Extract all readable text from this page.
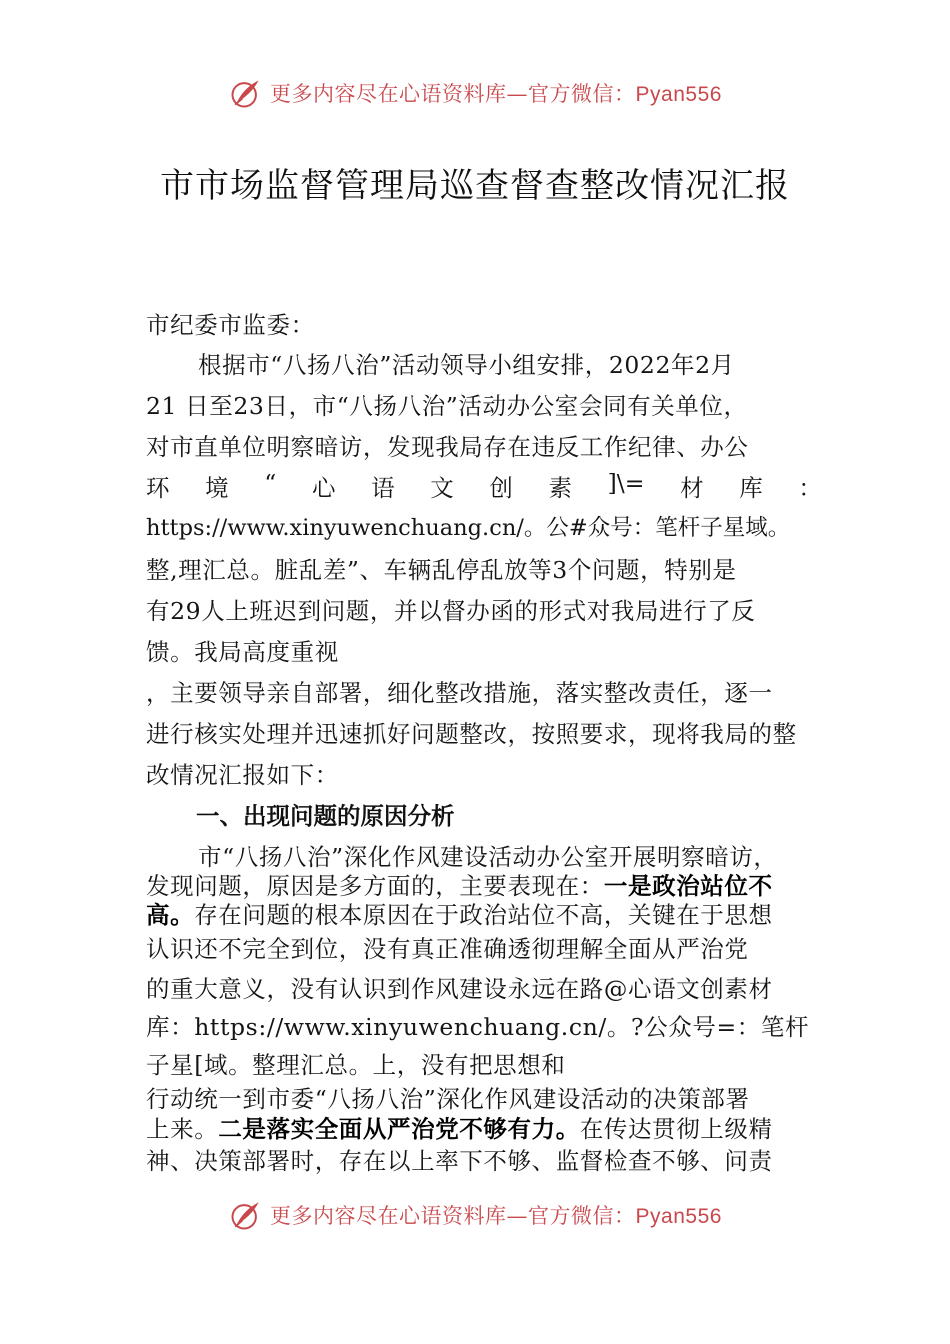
更多内容尽在心语资料库—官方微信：Pyan556
市市场监督管理局巡查督查整改情况汇报
市纪委市监委：
根据市“八扬八治”活动领导小组安排，2022年2月
21 日至23日，市“八扬八治”活动办公室会同有关单位，
对市直单位明察暗访，发现我局存在违反工作纪律、办公
环 境 “ 心 语 文 创 素 ]\= 材 库 ：
https://www.xinyuwenchuang.cn/。公#众号：笔杆子星域。
整,理汇总。脏乱差”、车辆乱停乱放等3个问题，特别是
有29人上班迟到问题，并以督办函的形式对我局进行了反
馈。我局高度重视
，主要领导亲自部署，细化整改措施，落实整改责任，逐一
进行核实处理并迅速抓好问题整改，按照要求，现将我局的整
改情况汇报如下：
一、出现问题的原因分析
市“八扬八治”深化作风建设活动办公室开展明察暗访，
发现问题，原因是多方面的，主要表现在：一是政治站位不
高。存在问题的根本原因在于政治站位不高，关键在于思想
认识还不完全到位，没有真正准确透彻理解全面从严治党
的重大意义，没有认识到作风建设永远在路@心语文创素材
库：https://www.xinyuwenchuang.cn/。?公众号=：笔杆
子星[域。整理汇总。上，没有把思想和
行动统一到市委“八扬八治”深化作风建设活动的决策部署
上来。二是落实全面从严治党不够有力。在传达贯彻上级精
神、决策部署时，存在以上率下不够、监督检查不够、问责
更多内容尽在心语资料库—官方微信：Pyan556
